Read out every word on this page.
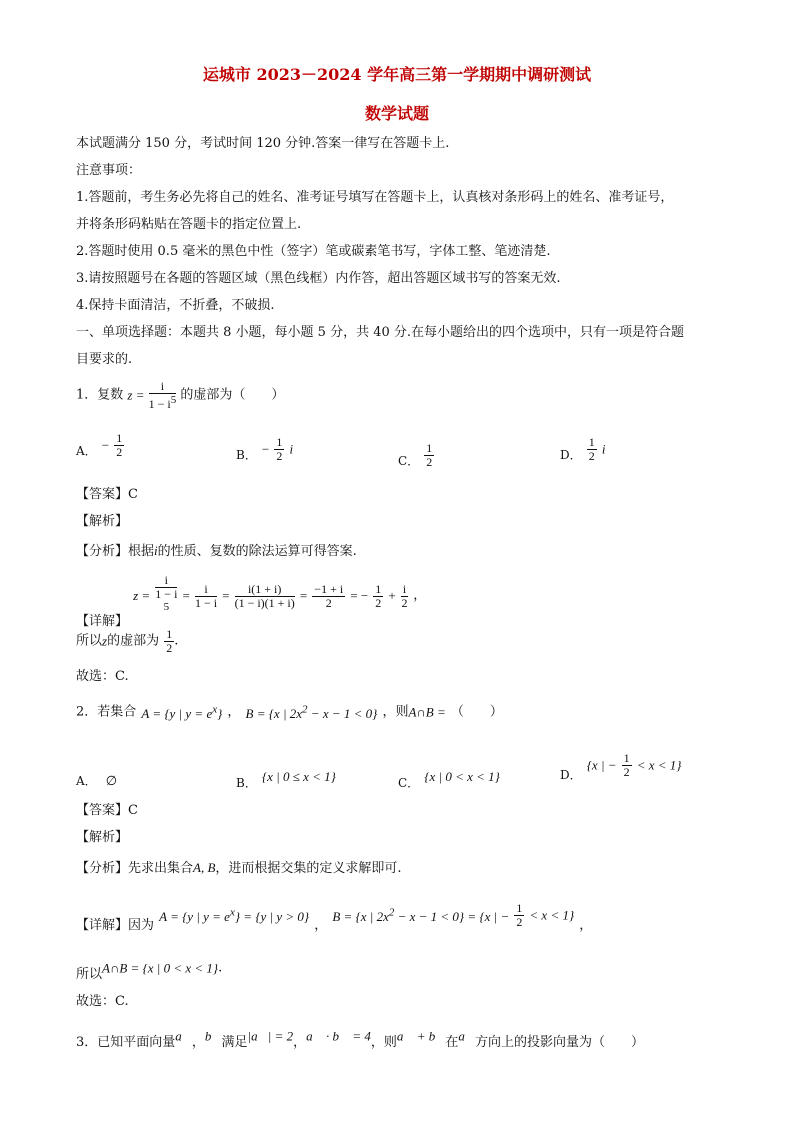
运城市 2023－2024 学年高三第一学期期中调研测试
数学试题
本试题满分 150 分，考试时间 120 分钟.答案一律写在答题卡上.
注意事项：
1.答题前，考生务必先将自己的姓名、准考证号填写在答题卡上，认真核对条形码上的姓名、准考证号，
并将条形码粘贴在答题卡的指定位置上.
2.答题时使用 0.5 毫米的黑色中性（签字）笔或碳素笔书写，字体工整、笔迹清楚.
3.请按照题号在各题的答题区域（黑色线框）内作答，超出答题区域书写的答案无效.
4.保持卡面清洁，不折叠，不破损.
一、单项选择题：本题共 8 小题，每小题 5 分，共 40 分.在每小题给出的四个选项中，只有一项是符合题
目要求的.
1．复数 $z = \frac{i}{1 - i^5}$ 的虚部为（　　）
A． − $\frac{1}{2}$	B． − $\frac{1}{2}$ i
C． $\frac{1}{2}$	D． $\frac{1}{2}$ i
【答案】C
【解析】
【分析】根据i的性质、复数的除法运算可得答案.
$_{【详解】}$ z = i
1 − i
$^5 = \frac{i}{1 - i} = \frac{i(1 + i)}{(1 - i)(1 + i)} = \frac{-1 + i}{2}$ = − $\frac{1}{2} + \frac{i}{2}$ ，
所以z的虚部为 $\frac{1}{2}$ .
故选：C.
2．若集合 A = {y | $y = e^x$} ， B = {x | $2x^2 - x - 1 < 0$} ，则A∩B = （　　）
A． ∅	$_{B.}$ {x | 0 ≤ x < 1}	$_{C.}$ {x | 0 < x < 1}	$_{D.}$ {x | − $\frac{1}{2} < x < 1$}
【答案】C
【解析】
【分析】先求出集合A, B，进而根据交集的定义求解即可.
$_{【详解】因为}$ A = {y | $y = e^x\} = \{y$ | y > 0} $_,$ B = {x | $2x^2 - x - 1 < 0\} = \{x$ | − $\frac{1}{2} < x < 1$} $_,$
$_{所以}$A∩B = {x | 0 < x < 1}.
故选：C.
$_{3.已知平面向量}a⃗_,b⃗_{满足}|a⃗|$ = $2_,a⃗$ · b⃗ = $4_{,则}a⃗$ + $b⃗_在a⃗_{方向上的投影向量为( )}$
